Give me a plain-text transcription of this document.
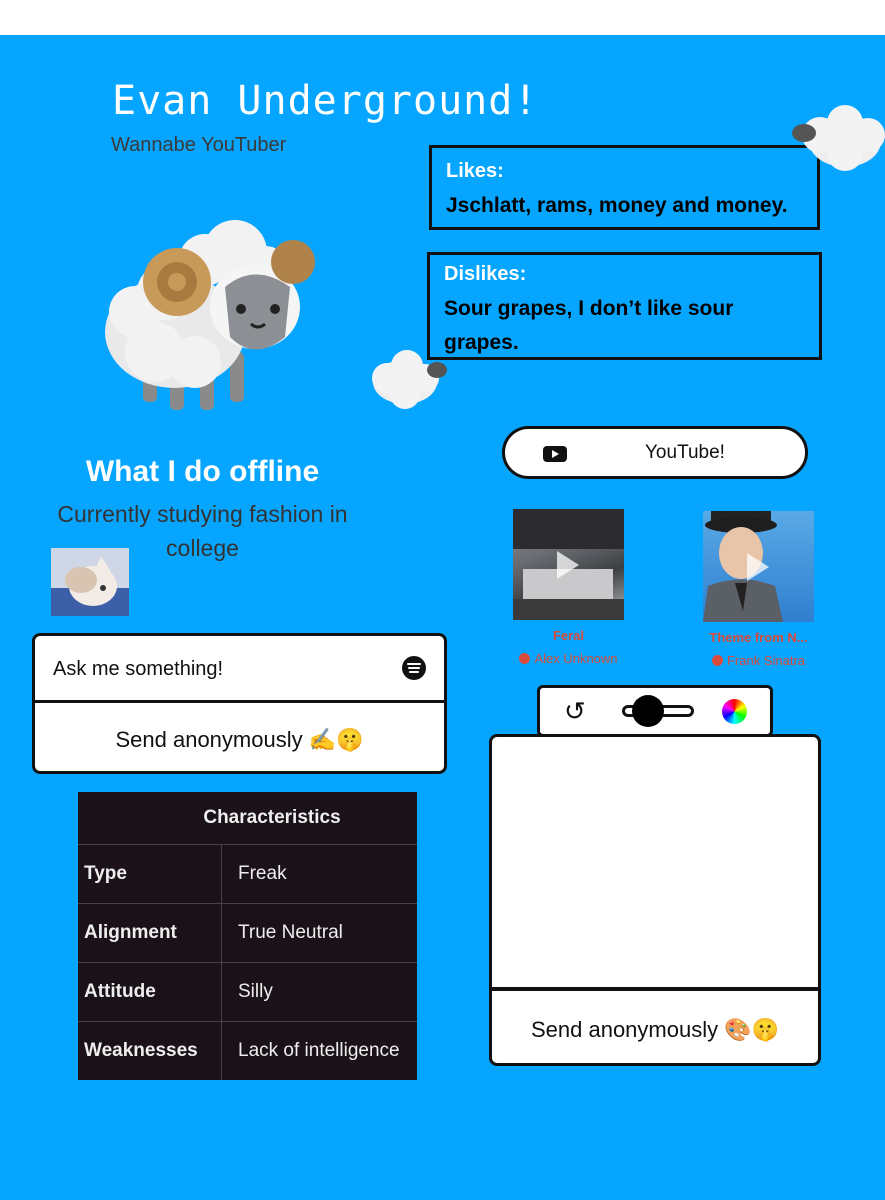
Evan Underground!
Wannabe YouTuber
Likes:
Jschlatt, rams, money and money.
Dislikes:
Sour grapes, I don’t like sour grapes.
What I do offline
Currently studying fashion in college
Ask me something!
Send anonymously ✍️🤫
Characteristics	
Type	Freak
Alignment	True Neutral
Attitude	Silly
Weaknesses	Lack of intelligence
YouTube!
Feral
Alex Unknown
Theme from N...
Frank Sinatra
↺
Send anonymously 🎨🤫
